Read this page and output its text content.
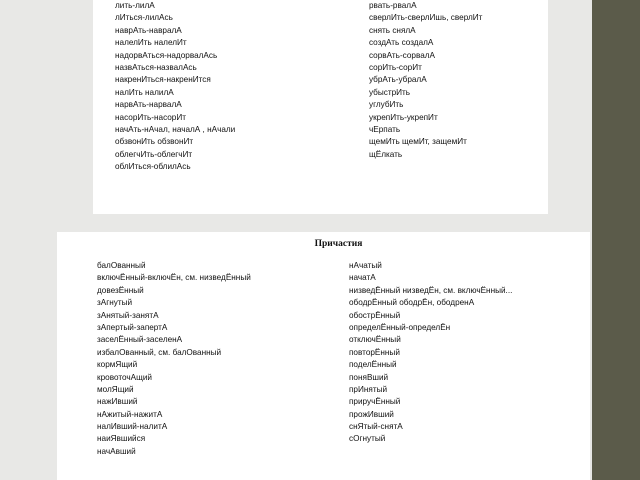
лить-лилА
лИться-лилАсь
наврАть-навралА
налелИть налелИт
надорвАться-надорвалАсь
назвАться-назвалАсь
накренИться-накренИтся
налИть налилА
нарвАть-нарвалА
насорИть-насорИт
начАть-нАчал, началА , нАчали
обзвонИть обзвонИт
облегчИть-облегчИт
облИться-облилАсь
рвать-рвалА
сверлИть-сверлИшь, сверлИт
снять снялА
создАть создалА
сорвАть-сорвалА
сорИть-сорИт
убрАть-убралА
убыстрИть
углубИть
укрепИть-укрепИт
чЕрпать
щемИть щемИт, защемИт
щЁлкать
Причастия
балОванный
включЁнный-включЁн, см. низведЁнный
довезЁнный
зАгнутый
зАнятый-занятА
зАпертый-запертА
заселЁнный-заселенА
избалОванный, см. балОванный
кормЯщий
кровоточАщий
молЯщий
нажИвший
нАжитый-нажитА
налИвший-налитА
наиЯвшийся
начАвший
нАчатый
начатА
низведЁнный низведЁн, см. включЁнный...
ободрЁнный ободрЁн, ободренА
обострЁнный
определЁнный-определЁн
отключЁнный
повторЁнный
поделЁнный
поняВший
прИнятый
приручЁнный
прожИвший
снЯтый-снятА
сОгнутый
